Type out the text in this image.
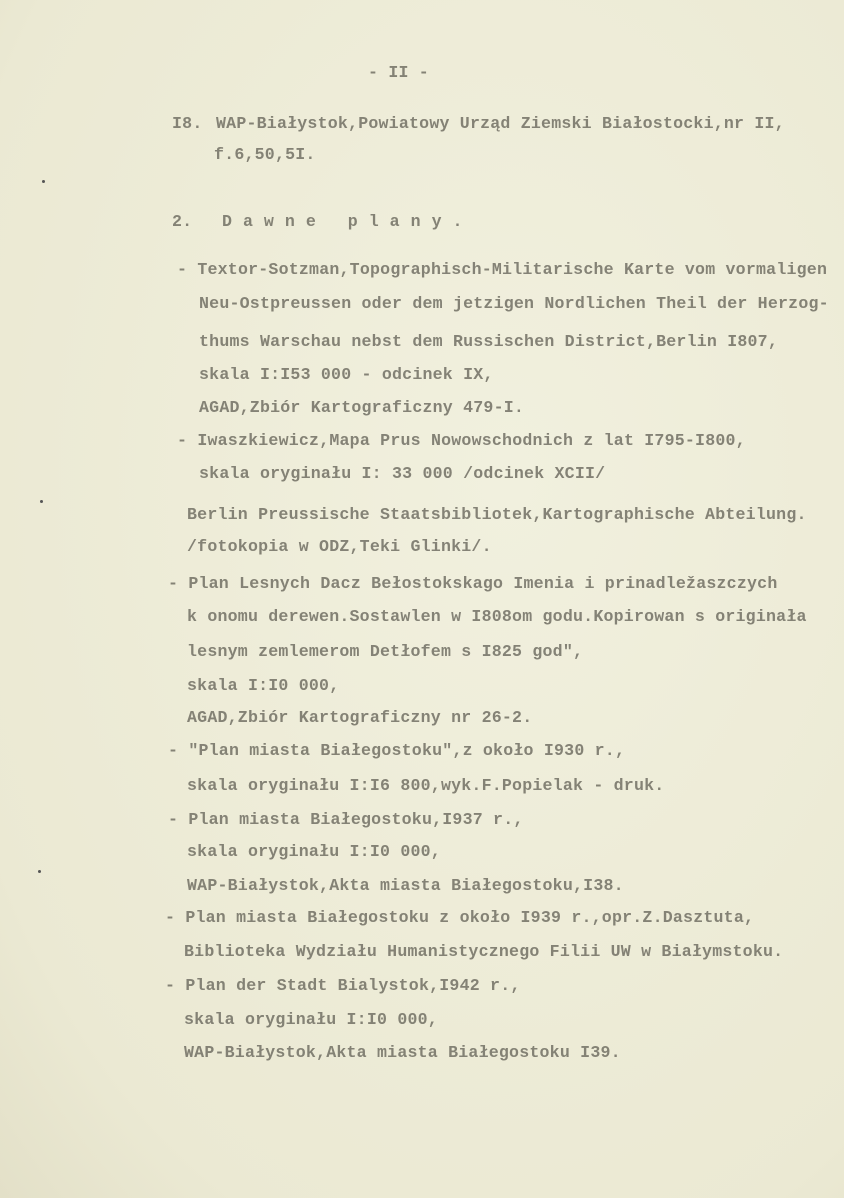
- II -
I8. WAP-Białystok,Powiatowy Urząd Ziemski Białostocki,nr II,
f.6,50,5I.
2. Dawne plany.
- Textor-Sotzman,Topographisch-Militarische Karte vom vormaligen
Neu-Ostpreussen oder dem jetzigen Nordlichen Theil der Herzog-
thums Warschau nebst dem Russischen District,Berlin I807,
skala I:I53 000 - odcinek IX,
AGAD,Zbiór Kartograficzny 479-I.
- Iwaszkiewicz,Mapa Prus Nowowschodnich z lat I795-I800,
skala oryginału I: 33 000 /odcinek XCII/
Berlin Preussische Staatsbibliotek,Kartographische Abteilung.
/fotokopia w ODZ,Teki Glinki/.
- Plan Lesnych Dacz Bełostokskago Imenia i prinadležaszczych
k onomu derewen.Sostawlen w I808om godu.Kopirowan s originała
lesnym zemlemerom Detłofem s I825 god",
skala I:I0 000,
AGAD,Zbiór Kartograficzny nr 26-2.
- "Plan miasta Białegostoku",z około I930 r.,
skala oryginału I:I6 800,wyk.F.Popielak - druk.
- Plan miasta Białegostoku,I937 r.,
skala oryginału I:I0 000,
WAP-Białystok,Akta miasta Białegostoku,I38.
- Plan miasta Białegostoku z około I939 r.,opr.Z.Dasztuta,
Biblioteka Wydziału Humanistycznego Filii UW w Białymstoku.
- Plan der Stadt Bialystok,I942 r.,
skala oryginału I:I0 000,
WAP-Białystok,Akta miasta Białegostoku I39.
